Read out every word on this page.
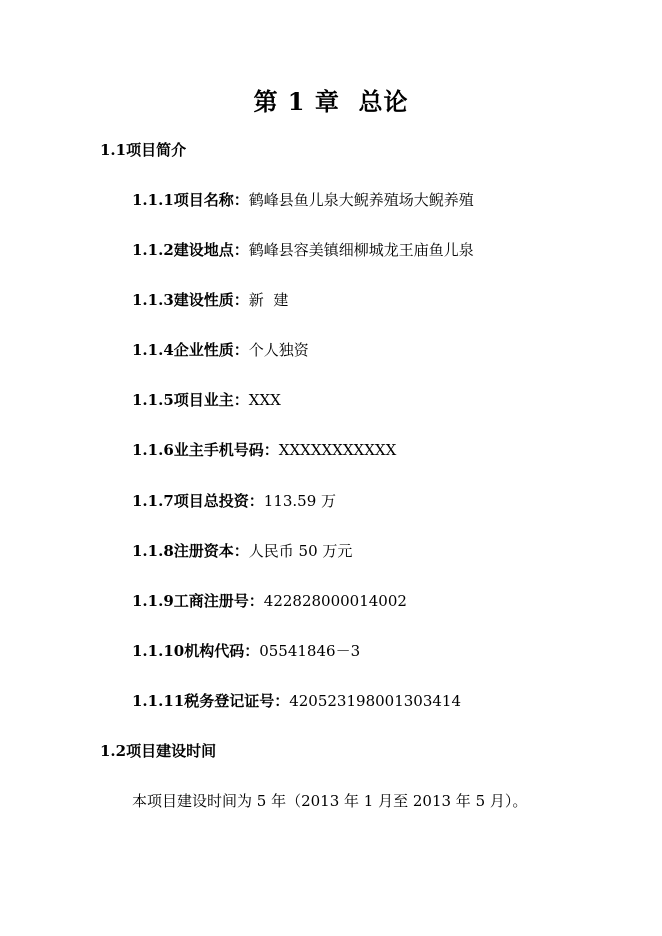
第 1 章  总论
1.1项目简介
1.1.1项目名称：鹤峰县鱼儿泉大鲵养殖场大鲵养殖
1.1.2建设地点：鹤峰县容美镇细柳城龙王庙鱼儿泉
1.1.3建设性质：新  建
1.1.4企业性质：个人独资
1.1.5项目业主：XXX
1.1.6业主手机号码：XXXXXXXXXXX
1.1.7项目总投资：113.59 万
1.1.8注册资本：人民币 50 万元
1.1.9工商注册号：422828000014002
1.1.10机构代码：05541846－3
1.1.11税务登记证号：420523198001303414
1.2项目建设时间
本项目建设时间为 5 年（2013 年 1 月至 2013 年 5 月）。
